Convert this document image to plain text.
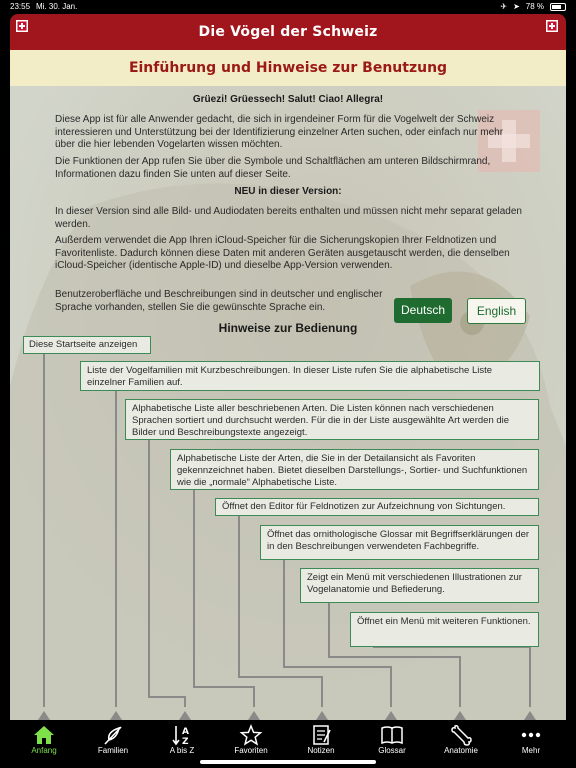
23:55 Mi. 30. Jan.	✈ ➤ 78 %
Die Vögel der Schweiz
Einführung und Hinweise zur Benutzung
Grüezi! Grüessech! Salut! Ciao! Allegra!
Diese App ist für alle Anwender gedacht, die sich in irgendeiner Form für die Vogelwelt der Schweiz interessieren und Unterstützung bei der Identifizierung einzelner Arten suchen, oder einfach nur mehr über die hier lebenden Vogelarten wissen möchten.
Die Funktionen der App rufen Sie über die Symbole und Schaltflächen am unteren Bildschirmrand, Informationen dazu finden Sie unten auf dieser Seite.
NEU in dieser Version:
In dieser Version sind alle Bild- und Audiodaten bereits enthalten und müssen nicht mehr separat geladen werden.
Außerdem verwendet die App Ihren iCloud-Speicher für die Sicherungskopien Ihrer Feldnotizen und Favoritenliste. Dadurch können diese Daten mit anderen Geräten ausgetauscht werden, die denselben iCloud-Speicher (identische Apple-ID) und dieselbe App-Version verwenden.
Benutzeroberfläche und Beschreibungen sind in deutscher und englischer Sprache vorhanden, stellen Sie die gewünschte Sprache ein.	Deutsch	English
Hinweise zur Bedienung
Diese Startseite anzeigen
Liste der Vogelfamilien mit Kurzbeschreibungen. In dieser Liste rufen Sie die alphabetische Liste einzelner Familien auf.
Alphabetische Liste aller beschriebenen Arten. Die Listen können nach verschiedenen Sprachen sortiert und durchsucht werden. Für die in der Liste ausgewählte Art werden die Bilder und Beschreibungstexte angezeigt.
Alphabetische Liste der Arten, die Sie in der Detailansicht als Favoriten gekennzeichnet haben. Bietet dieselben Darstellungs-, Sortier- und Suchfunktionen wie die „normale“ Alphabetische Liste.
Öffnet den Editor für Feldnotizen zur Aufzeichnung von Sichtungen.
Öffnet das ornithologische Glossar mit Begriffserklärungen der in den Beschreibungen verwendeten Fachbegriffe.
Zeigt ein Menü mit verschiedenen Illustrationen zur Vogelanatomie und Befiederung.
Öffnet ein Menü mit weiteren Funktionen.
Anfang	Familien
A
Z
A bis Z	Favoriten	Notizen	Glossar	Anatomie	Mehr
